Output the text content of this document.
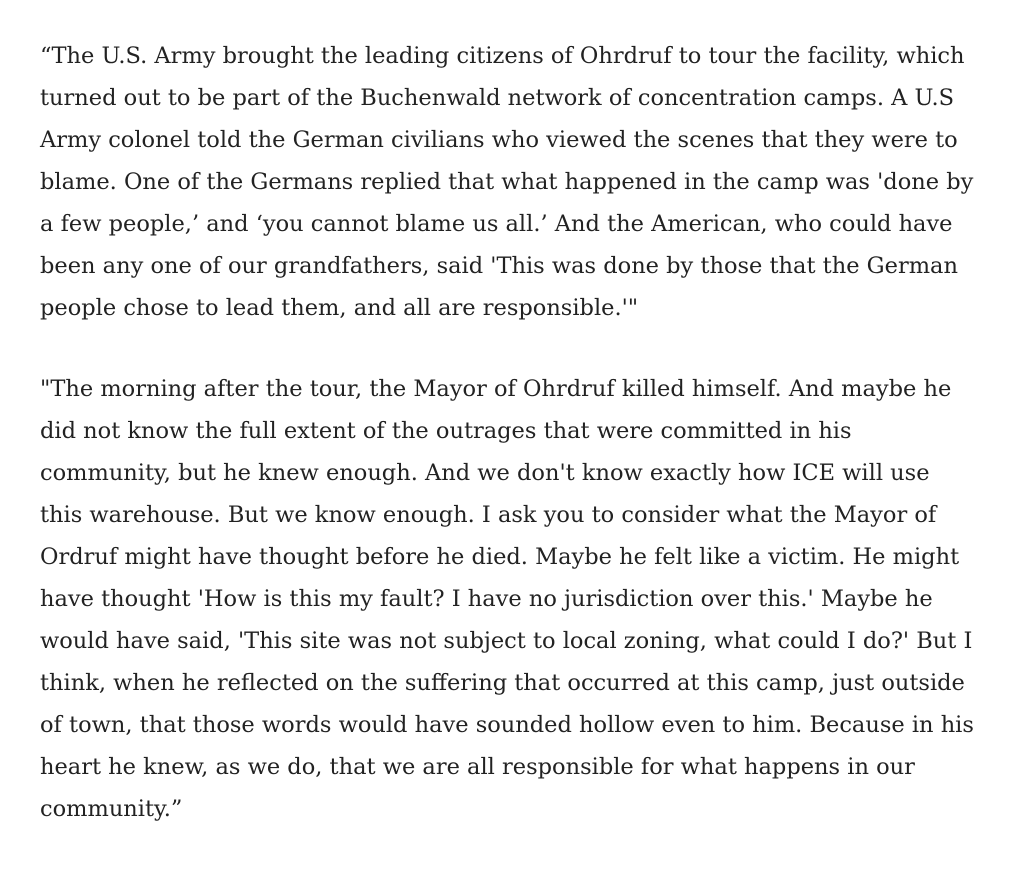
“The U.S. Army brought the leading citizens of Ohrdruf to tour the facility, which
turned out to be part of the Buchenwald network of concentration camps. A U.S
Army colonel told the German civilians who viewed the scenes that they were to
blame. One of the Germans replied that what happened in the camp was 'done by
a few people,’ and ‘you cannot blame us all.’ And the American, who could have
been any one of our grandfathers, said 'This was done by those that the German
people chose to lead them, and all are responsible.'"

"The morning after the tour, the Mayor of Ohrdruf killed himself. And maybe he
did not know the full extent of the outrages that were committed in his
community, but he knew enough. And we don't know exactly how ICE will use
this warehouse. But we know enough. I ask you to consider what the Mayor of
Ordruf might have thought before he died. Maybe he felt like a victim. He might
have thought 'How is this my fault? I have no jurisdiction over this.' Maybe he
would have said, 'This site was not subject to local zoning, what could I do?' But I
think, when he reflected on the suffering that occurred at this camp, just outside
of town, that those words would have sounded hollow even to him. Because in his
heart he knew, as we do, that we are all responsible for what happens in our
community.”
